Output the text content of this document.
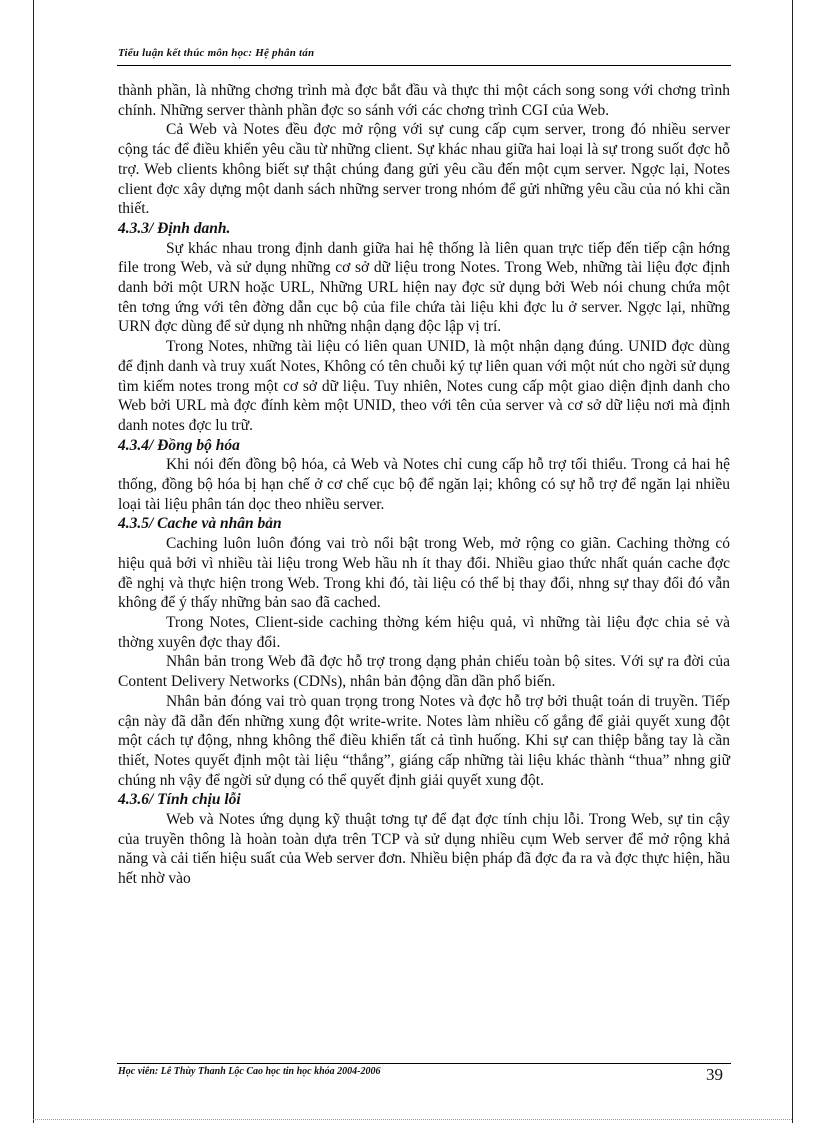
Tiểu luận kết thúc môn học: Hệ phân tán

thành phần, là những chơng trình mà đợc bắt đầu và thực thi một cách song song với chơng trình chính. Những server thành phần đợc so sánh với các chơng trình CGI của Web.

Cả Web và Notes đều đợc mở rộng với sự cung cấp cụm server, trong đó nhiều server cộng tác để điều khiển yêu cầu từ những client. Sự khác nhau giữa hai loại là sự trong suốt đợc hỗ trợ. Web clients không biết sự thật chúng đang gửi yêu cầu đến một cụm server. Ngợc lại, Notes client đợc xây dựng một danh sách những server trong nhóm để gửi những yêu cầu của nó khi cần thiết.

4.3.3/ Định danh.

Sự khác nhau trong định danh giữa hai hệ thống là liên quan trực tiếp đến tiếp cận hớng file trong Web, và sử dụng những cơ sở dữ liệu trong Notes. Trong Web, những tài liệu đợc định danh bởi một URN hoặc URL, Những URL hiện nay đợc sử dụng bởi Web nói chung chứa một tên tơng ứng với tên đờng dẫn cục bộ của file chứa tài liệu khi đợc lu ở server. Ngợc lại, những URN đợc dùng để sử dụng nh những nhận dạng độc lập vị trí.

Trong Notes, những tài liệu có liên quan UNID, là một nhận dạng đúng. UNID đợc dùng để định danh và truy xuất Notes, Không có tên chuỗi ký tự liên quan với một nút cho ngời sử dụng tìm kiếm notes trong một cơ sở dữ liệu. Tuy nhiên, Notes cung cấp một giao diện định danh cho Web bởi URL mà đợc đính kèm một UNID, theo với tên của server và cơ sở dữ liệu nơi mà định danh notes đợc lu trữ.

4.3.4/ Đồng bộ hóa

Khi nói đến đồng bộ hóa, cả Web và Notes chỉ cung cấp hỗ trợ tối thiểu. Trong cả hai hệ thống, đồng bộ hóa bị hạn chế ở cơ chế cục bộ để ngăn lại; không có sự hỗ trợ để ngăn lại nhiều loại tài liệu phân tán dọc theo nhiều server.

4.3.5/ Cache và nhân bản

Caching luôn luôn đóng vai trò nổi bật trong Web, mở rộng co giãn. Caching thờng có hiệu quả bởi vì nhiều tài liệu trong Web hầu nh ít thay đổi. Nhiều giao thức nhất quán cache đợc đề nghị và thực hiện trong Web. Trong khi đó, tài liệu có thể bị thay đổi, nhng sự thay đổi đó vẫn không để ý thấy những bản sao đã cached.

Trong Notes, Client-side caching thờng kém hiệu quả, vì những tài liệu đợc chia sẻ và thờng xuyên đợc thay đổi.

Nhân bản trong Web đã đợc hỗ trợ trong dạng phản chiếu toàn bộ sites. Với sự ra đời của Content Delivery Networks (CDNs), nhân bản động dần dần phổ biến.

Nhân bản đóng vai trò quan trọng trong Notes và đợc hỗ trợ bởi thuật toán di truyền. Tiếp cận này đã dẫn đến những xung đột write-write. Notes làm nhiều cố gắng để giải quyết xung đột một cách tự động, nhng không thể điều khiển tất cả tình huống. Khi sự can thiệp bằng tay là cần thiết, Notes quyết định một tài liệu “thắng”, giáng cấp những tài liệu khác thành “thua” nhng giữ chúng nh vậy để ngời sử dụng có thể quyết định giải quyết xung đột.

4.3.6/ Tính chịu lỗi

Web và Notes ứng dụng kỹ thuật tơng tự để đạt đợc tính chịu lỗi. Trong Web, sự tin cậy của truyền thông là hoàn toàn dựa trên TCP và sử dụng nhiều cụm Web server để mở rộng khả năng và cải tiến hiệu suất của Web server đơn. Nhiều biện pháp đã đợc đa ra và đợc thực hiện, hầu hết nhờ vào

Học viên: Lê Thùy Thanh Lộc Cao học tin học khóa 2004-2006	39
